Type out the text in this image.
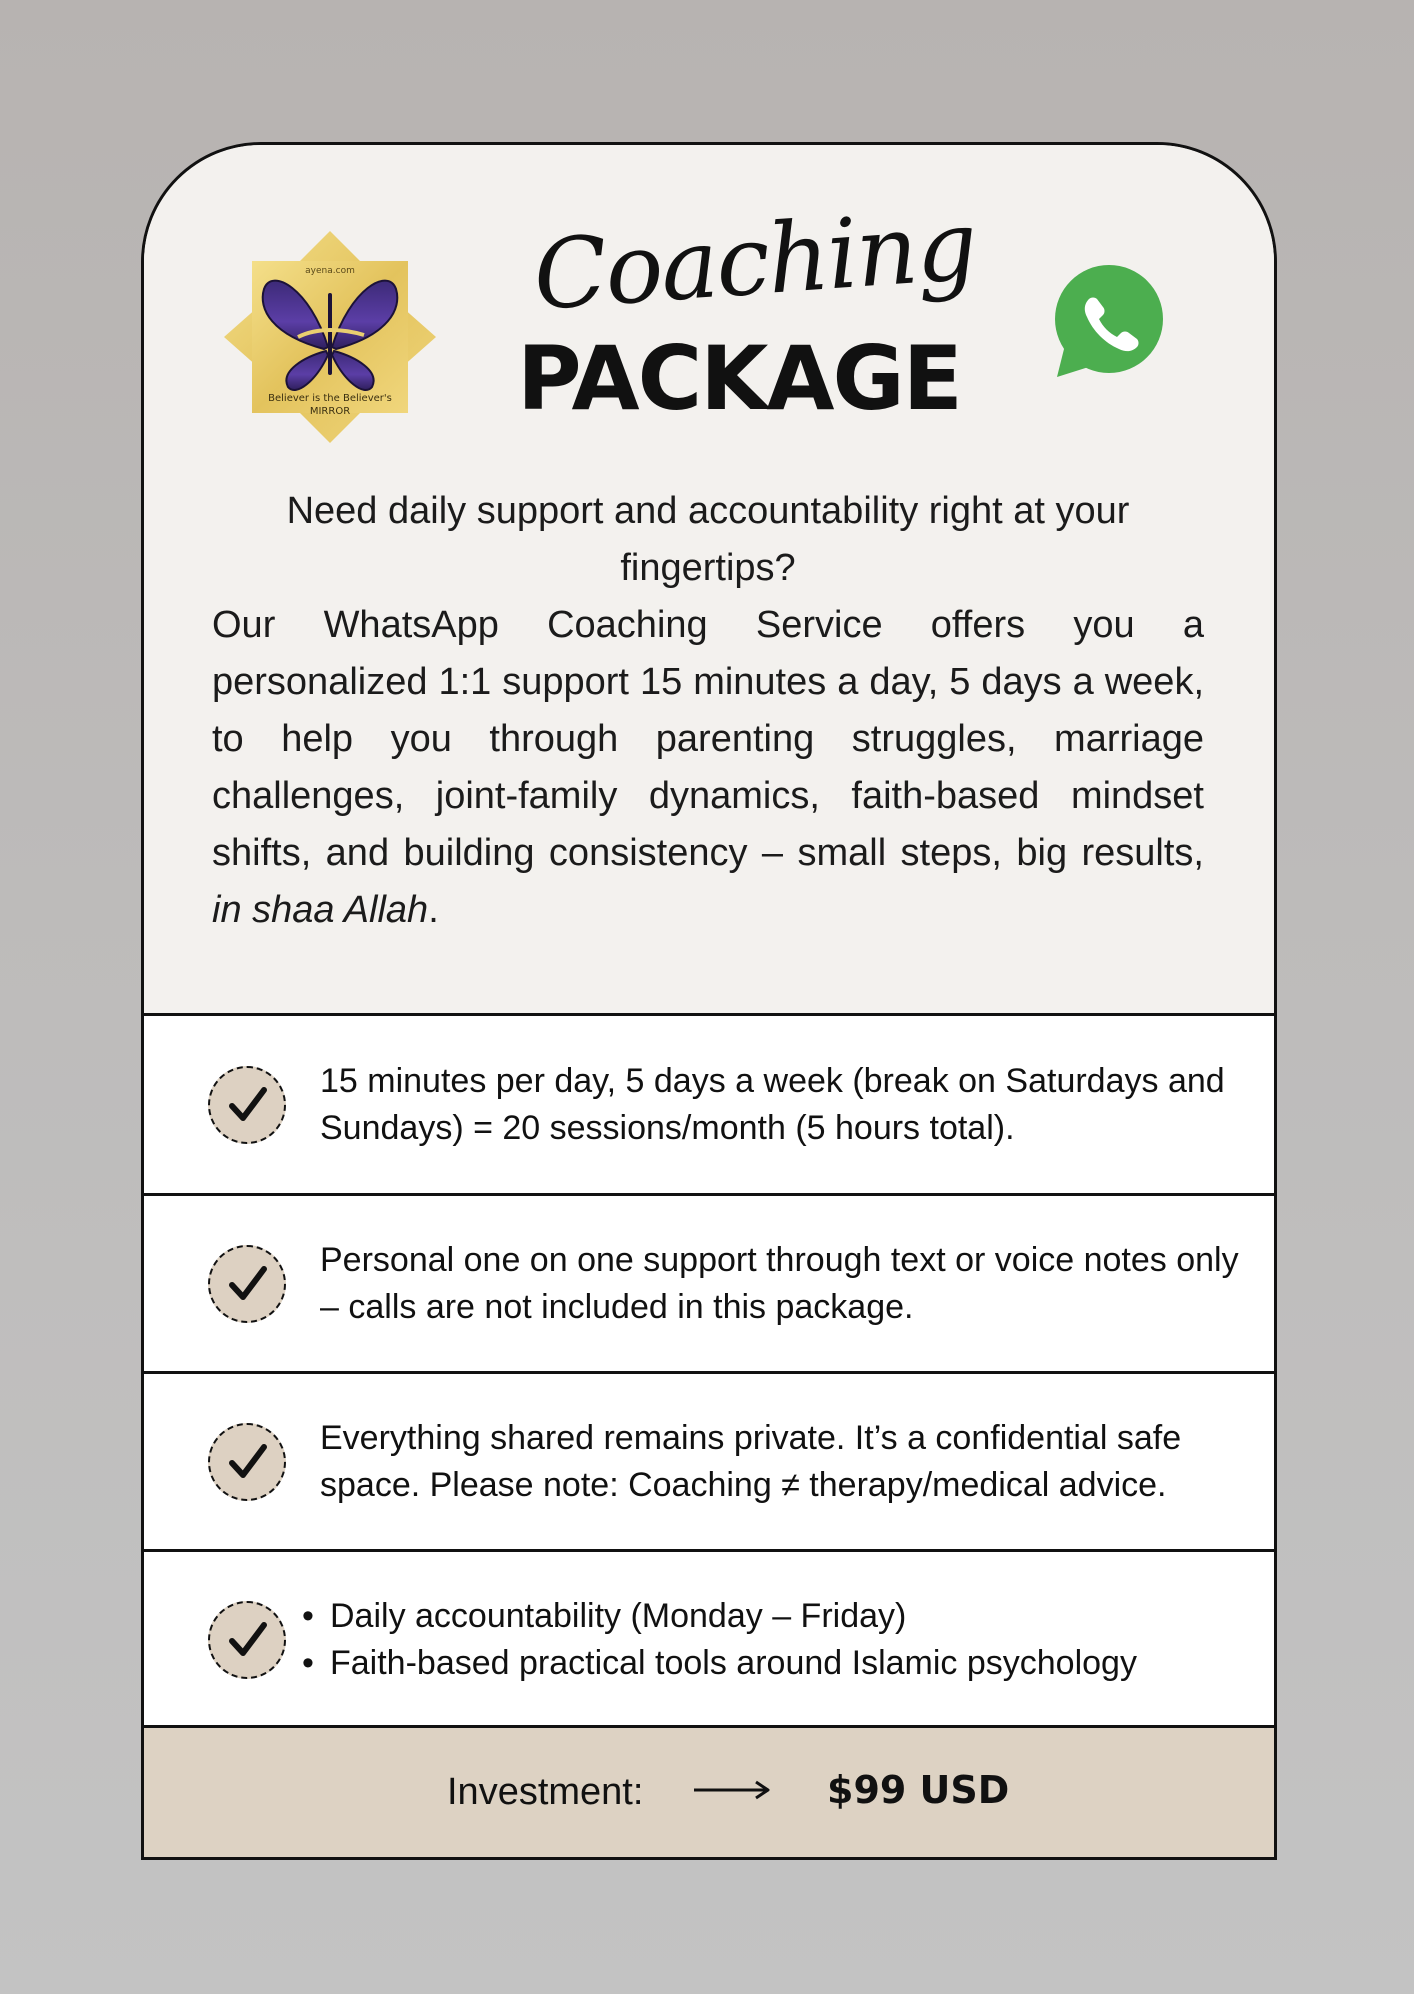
ayena.com
Believer is the Believer's
MIRROR
Coaching
PACKAGE

Need daily support and accountability right at your fingertips?

Our WhatsApp Coaching Service offers you a personalized 1:1 support 15 minutes a day, 5 days a week, to help you through parenting struggles, marriage challenges, joint-family dynamics, faith-based mindset shifts, and building consistency – small steps, big results, in shaa Allah.

15 minutes per day, 5 days a week (break on Saturdays and Sundays) = 20 sessions/month (5 hours total).
Personal one on one support through text or voice notes only – calls are not included in this package.
Everything shared remains private. It’s a confidential safe space. Please note: Coaching ≠ therapy/medical advice.
• Daily accountability (Monday – Friday)
• Faith-based practical tools around Islamic psychology
Investment:	$99 USD
